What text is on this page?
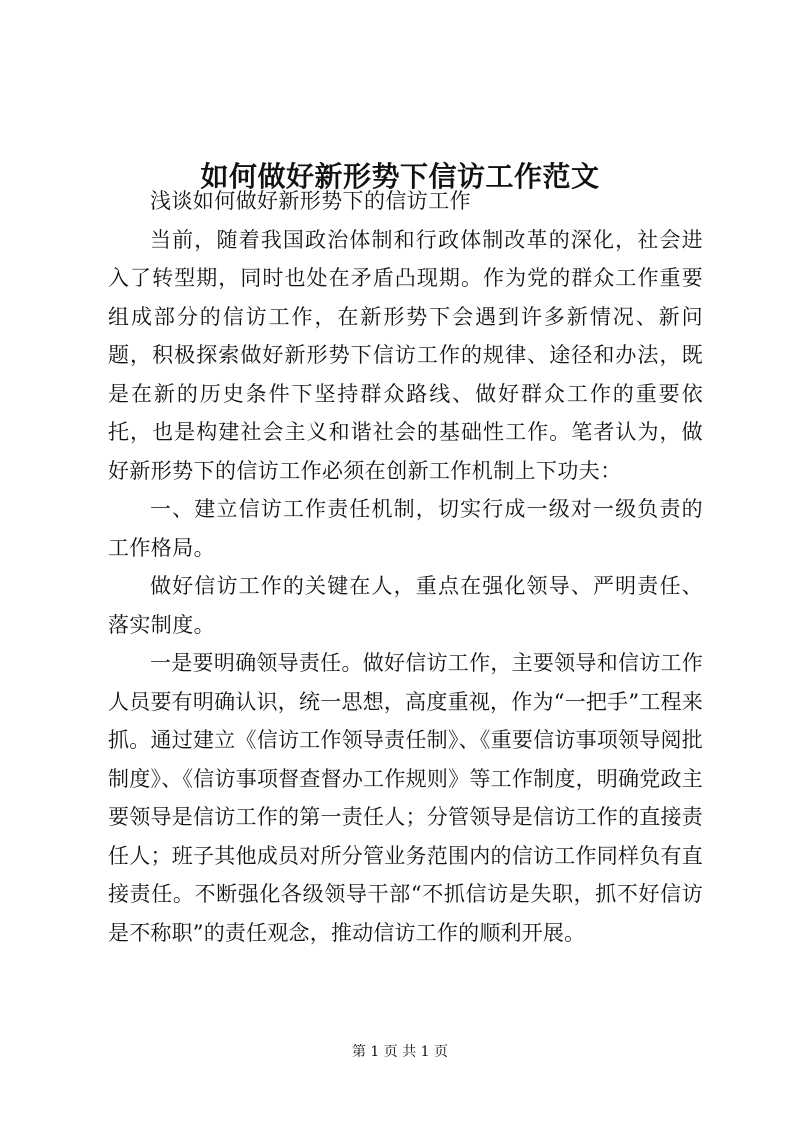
如何做好新形势下信访工作范文

浅谈如何做好新形势下的信访工作

当前，随着我国政治体制和行政体制改革的深化，社会进入了转型期，同时也处在矛盾凸现期。作为党的群众工作重要组成部分的信访工作，在新形势下会遇到许多新情况、新问题，积极探索做好新形势下信访工作的规律、途径和办法，既是在新的历史条件下坚持群众路线、做好群众工作的重要依托，也是构建社会主义和谐社会的基础性工作。笔者认为，做好新形势下的信访工作必须在创新工作机制上下功夫：

一、建立信访工作责任机制，切实行成一级对一级负责的工作格局。

做好信访工作的关键在人，重点在强化领导、严明责任、落实制度。

一是要明确领导责任。做好信访工作，主要领导和信访工作人员要有明确认识，统一思想，高度重视，作为“一把手”工程来抓。通过建立《信访工作领导责任制》、《重要信访事项领导阅批制度》、《信访事项督查督办工作规则》等工作制度，明确党政主要领导是信访工作的第一责任人；分管领导是信访工作的直接责任人；班子其他成员对所分管业务范围内的信访工作同样负有直接责任。不断强化各级领导干部“不抓信访是失职，抓不好信访是不称职”的责任观念，推动信访工作的顺利开展。

第 1 页 共 1 页
